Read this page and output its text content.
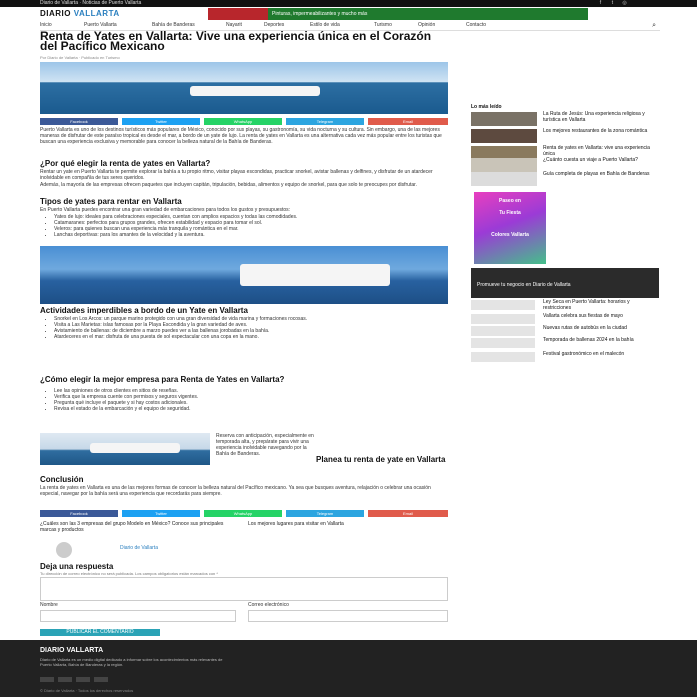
Diario de Vallarta · Noticias de Puerto Vallarta	f	t	◎
DIARIO VALLARTA	Pinturas, impermeabilizantes y mucho más
Inicio	Puerto Vallarta	Bahía de Banderas	Nayarit	Deportes	Estilo de vida	Turismo	Opinión	Contacto	⌕
Renta de Yates en Vallarta: Vive una experiencia única en el Corazón del Pacífico Mexicano
Por Diario de Vallarta · Publicado en Turismo
Facebook	Twitter	WhatsApp	Telegram	Email

Puerto Vallarta es uno de los destinos turísticos más populares de México, conocido por sus playas, su gastronomía, su vida nocturna y su cultura. Sin embargo, una de las mejores maneras de disfrutar de este paraíso tropical es desde el mar, a bordo de un yate de lujo. La renta de yates en Vallarta es una alternativa cada vez más popular entre los turistas que buscan una experiencia exclusiva y memorable para conocer la belleza natural de la Bahía de Banderas.

¿Por qué elegir la renta de yates en Vallarta?

Rentar un yate en Puerto Vallarta te permite explorar la bahía a tu propio ritmo, visitar playas escondidas, practicar snorkel, avistar ballenas y delfines, y disfrutar de un atardecer inolvidable en compañía de tus seres queridos.

Además, la mayoría de las empresas ofrecen paquetes que incluyen capitán, tripulación, bebidas, alimentos y equipo de snorkel, para que solo te preocupes por disfrutar.

Tipos de yates para rentar en Vallarta

En Puerto Vallarta puedes encontrar una gran variedad de embarcaciones para todos los gustos y presupuestos:

• Yates de lujo: ideales para celebraciones especiales, cuentan con amplios espacios y todas las comodidades.
• Catamaranes: perfectos para grupos grandes, ofrecen estabilidad y espacio para tomar el sol.
• Veleros: para quienes buscan una experiencia más tranquila y romántica en el mar.
• Lanchas deportivas: para los amantes de la velocidad y la aventura.

Actividades imperdibles a bordo de un Yate en Vallarta

• Snorkel en Los Arcos: un parque marino protegido con una gran diversidad de vida marina y formaciones rocosas.
• Visita a Las Marietas: islas famosas por la Playa Escondida y la gran variedad de aves.
• Avistamiento de ballenas: de diciembre a marzo puedes ver a las ballenas jorobadas en la bahía.
• Atardeceres en el mar: disfruta de una puesta de sol espectacular con una copa en la mano.

¿Cómo elegir la mejor empresa para Renta de Yates en Vallarta?

• Lee las opiniones de otros clientes en sitios de reseñas.
• Verifica que la empresa cuente con permisos y seguros vigentes.
• Pregunta qué incluye el paquete y si hay costos adicionales.
• Revisa el estado de la embarcación y el equipo de seguridad.

Reserva con anticipación, especialmente en temporada alta, y prepárate para vivir una experiencia inolvidable navegando por la Bahía de Banderas.

Planea tu renta de yate en Vallarta

Conclusión

La renta de yates en Vallarta es una de las mejores formas de conocer la belleza natural del Pacífico mexicano. Ya sea que busques aventura, relajación o celebrar una ocasión especial, navegar por la bahía será una experiencia que recordarás para siempre.

Facebook	Twitter	WhatsApp	Telegram	Email
¿Cuáles son las 3 empresas del grupo Modelo en México? Conoce sus principales marcas y productos
Los mejores lugares para visitar en Vallarta
Diario de Vallarta
Deja una respuesta
Tu dirección de correo electrónico no será publicada. Los campos obligatorios están marcados con *
Nombre	Correo electrónico
PUBLICAR EL COMENTARIO
Lo más leído
La Ruta de Jesús: Una experiencia religiosa y turística en Vallarta
Los mejores restaurantes de la zona romántica
Renta de yates en Vallarta: vive una experiencia única
¿Cuánto cuesta un viaje a Puerto Vallarta?
Guía completa de playas en Bahía de Banderas
Paseo en
Tu Fiesta
Colores Vallarta
Promueve tu negocio en Diario de Vallarta
Ley Seca en Puerto Vallarta: horarios y restricciones
Vallarta celebra sus fiestas de mayo
Nuevas rutas de autobús en la ciudad
Temporada de ballenas 2024 en la bahía
Festival gastronómico en el malecón
DIARIO VALLARTA
Diario de Vallarta es un medio digital dedicado a informar sobre los acontecimientos más relevantes de Puerto Vallarta, Bahía de Banderas y la región.
© Diario de Vallarta · Todos los derechos reservados
